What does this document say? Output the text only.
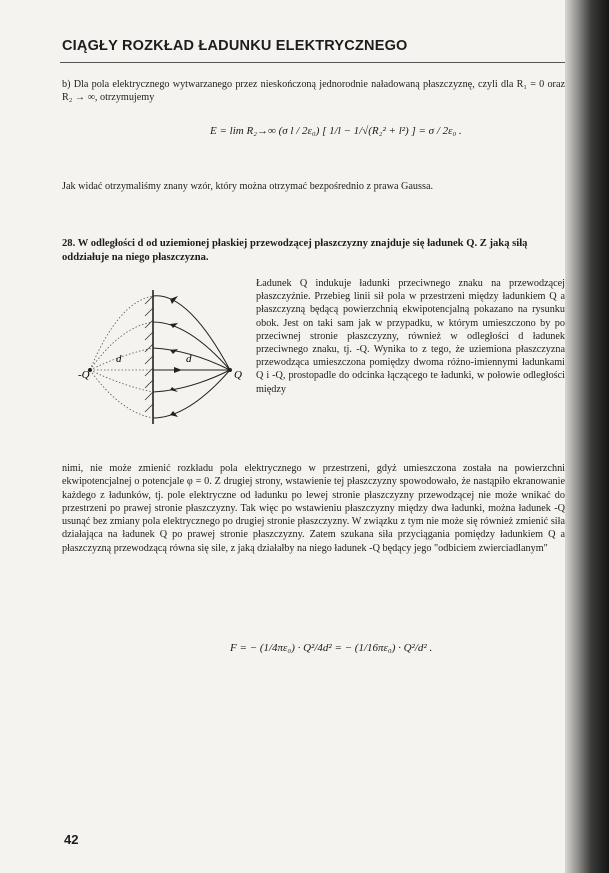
CIĄGŁY ROZKŁAD ŁADUNKU ELEKTRYCZNEGO
b) Dla pola elektrycznego wytwarzanego przez nieskończoną jednorodnie naładowaną płaszczyznę, czyli dla R₁ = 0 oraz R₂ → ∞, otrzymujemy
E = lim R₂→∞ (σ l / 2ε₀) [ 1/l − 1/√(R₂² + l²) ] = σ / 2ε₀ .
Jak widać otrzymaliśmy znany wzór, który można otrzymać bezpośrednio z prawa Gaussa.
28. W odległości d od uziemionej płaskiej przewodzącej płaszczyzny znajduje się ładunek Q. Z jaką siłą oddziałuje na niego płaszczyzna.
-Q	Q
d	d
Ładunek Q indukuje ładunki przeciwnego znaku na przewodzącej płaszczyźnie. Przebieg linii sił pola w przestrzeni między ładunkiem Q a płaszczyzną będącą powierzchnią ekwipotencjalną pokazano na rysunku obok. Jest on taki sam jak w przypadku, w którym umieszczono by po przeciwnej stronie płaszczyzny, również w odległości d ładunek przeciwnego znaku, tj. -Q. Wynika to z tego, że uziemiona płaszczyzna przewodząca umieszczona pomiędzy dwoma różno-imiennymi ładunkami Q i -Q, prostopadle do odcinka łączącego te ładunki, w połowie odległości między
nimi, nie może zmienić rozkładu pola elektrycznego w przestrzeni, gdyż umieszczona została na powierzchni ekwipotencjalnej o potencjale φ = 0. Z drugiej strony, wstawienie tej płaszczyzny spowodowało, że nastąpiło ekranowanie każdego z ładunków, tj. pole elektryczne od ładunku po lewej stronie płaszczyzny przewodzącej nie może wnikać do przestrzeni po prawej stronie płaszczyzny. Tak więc po wstawieniu płaszczyzny między dwa ładunki, można ładunek -Q usunąć bez zmiany pola elektrycznego po drugiej stronie płaszczyzny. W związku z tym nie może się również zmienić siła działająca na ładunek Q po prawej stronie płaszczyzny. Zatem szukana siła przyciągania pomiędzy ładunkiem Q a płaszczyzną przewodzącą równa się sile, z jaką działałby na niego ładunek -Q będący jego "odbiciem zwierciadlanym"
F = − (1/4πε₀) · Q²/4d² = − (1/16πε₀) · Q²/d² .
42
